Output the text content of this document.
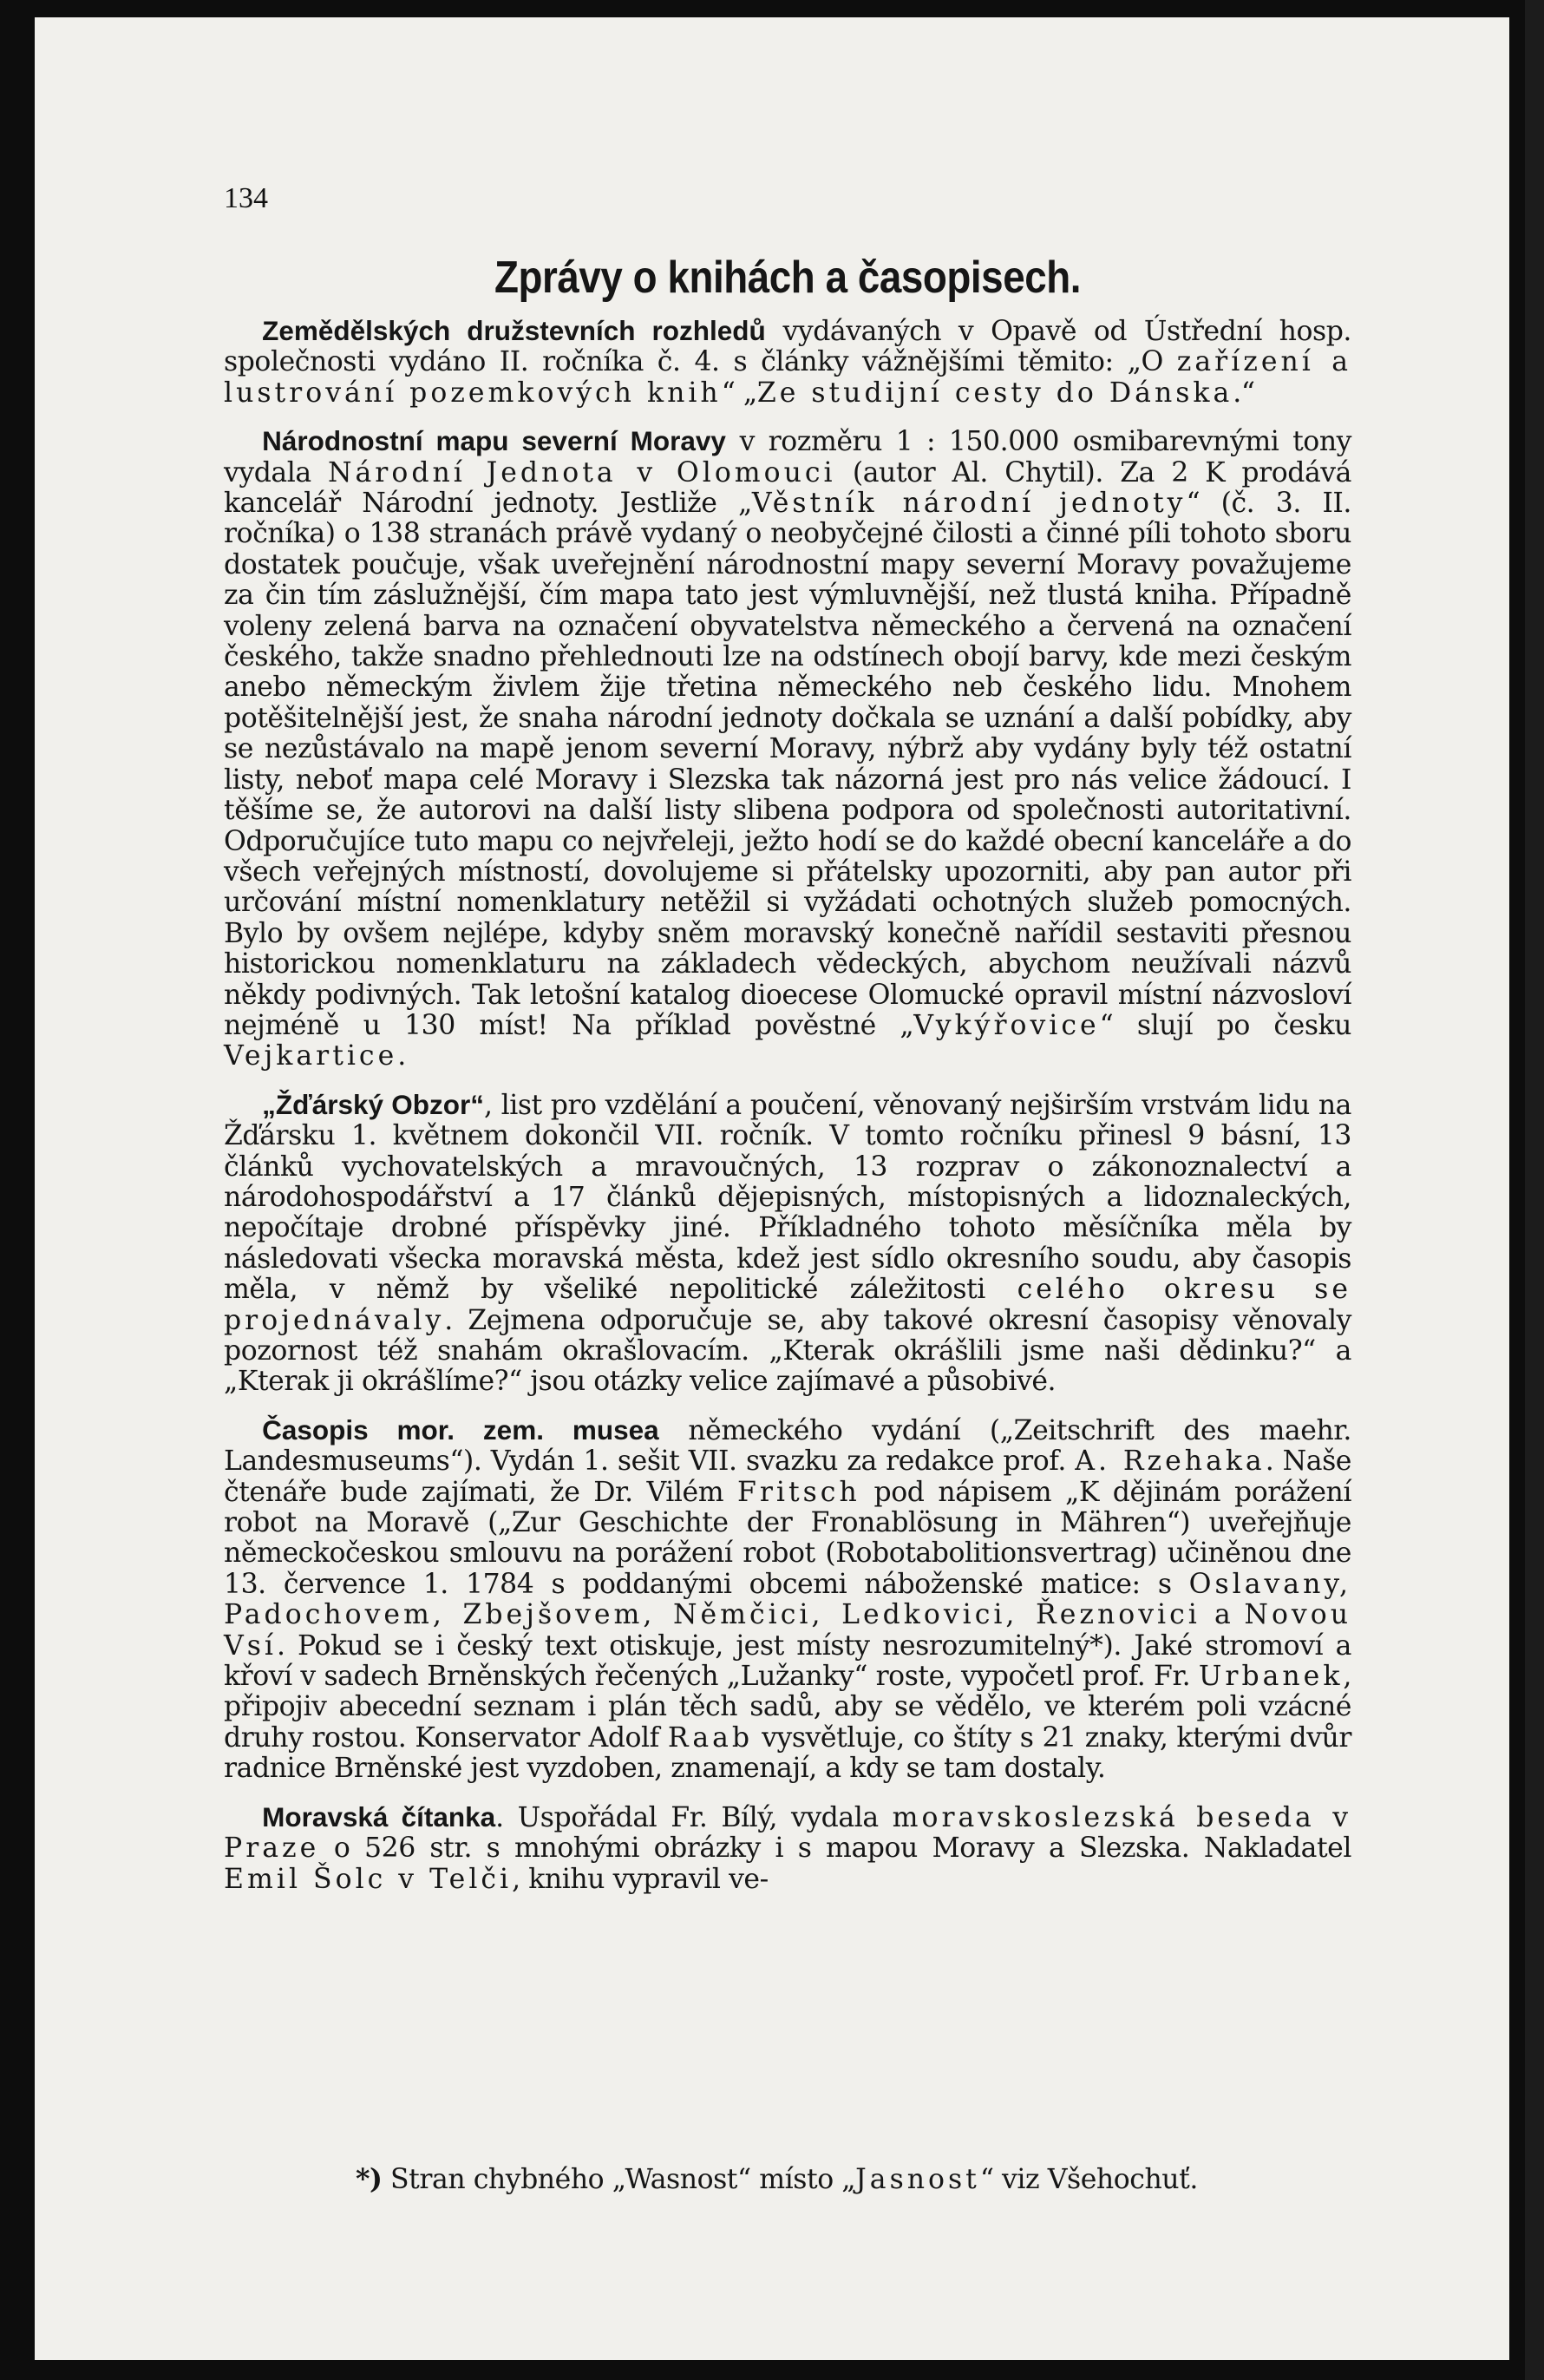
134
Zprávy o knihách a časopisech.

Zemědělských družstevních rozhledů vydávaných v Opavě od Ústřední hosp. společnosti vydáno II. ročníka č. 4. s články vážnějšími těmito: „O zařízení a lustrování pozemkových knih“ „Ze studijní cesty do Dánska.“

Národnostní mapu severní Moravy v rozměru 1 : 150.000 osmibarevnými tony vydala Národní Jednota v Olomouci (autor Al. Chytil). Za 2 K prodává kancelář Národní jednoty. Jestliže „Věstník národní jednoty“ (č. 3. II. ročníka) o 138 stranách právě vydaný o neobyčejné čilosti a činné píli tohoto sboru dostatek poučuje, však uveřejnění národnostní mapy severní Moravy považujeme za čin tím záslužnější, čím mapa tato jest výmluvnější, než tlustá kniha. Případně voleny zelená barva na označení obyvatelstva německého a červená na označení českého, takže snadno přehlednouti lze na odstínech obojí barvy, kde mezi českým anebo německým živlem žije třetina německého neb českého lidu. Mnohem potěšitelnější jest, že snaha národní jednoty dočkala se uznání a další pobídky, aby se nezůstávalo na mapě jenom severní Moravy, nýbrž aby vydány byly též ostatní listy, neboť mapa celé Moravy i Slezska tak názorná jest pro nás velice žádoucí. I těšíme se, že autorovi na další listy slibena podpora od společnosti autoritativní. Odporučujíce tuto mapu co nejvřeleji, ježto hodí se do každé obecní kanceláře a do všech veřejných místností, dovolujeme si přátelsky upozorniti, aby pan autor při určování místní nomenklatury netěžil si vyžádati ochotných služeb pomocných. Bylo by ovšem nejlépe, kdyby sněm moravský konečně nařídil sestaviti přesnou historickou nomenklaturu na základech vědeckých, abychom neužívali názvů někdy podivných. Tak letošní katalog dioecese Olomucké opravil místní názvosloví nejméně u 130 míst! Na příklad pověstné „Vykýřovice“ slují po česku Vejkartice.

„Žďárský Obzor“, list pro vzdělání a poučení, věnovaný nejširším vrstvám lidu na Žďársku 1. květnem dokončil VII. ročník. V tomto ročníku přinesl 9 básní, 13 článků vychovatelských a mravoučných, 13 rozprav o zákonoznalectví a národohospodářství a 17 článků dějepisných, místopisných a lidoznaleckých, nepočítaje drobné příspěvky jiné. Příkladného tohoto měsíčníka měla by následovati všecka moravská města, kdež jest sídlo okresního soudu, aby časopis měla, v němž by všeliké nepolitické záležitosti celého okresu se projednávaly. Zejmena odporučuje se, aby takové okresní časopisy věnovaly pozornost též snahám okrašlovacím. „Kterak okrášlili jsme naši dědinku?“ a „Kterak ji okrášlíme?“ jsou otázky velice zajímavé a působivé.

Časopis mor. zem. musea německého vydání („Zeitschrift des maehr. Landesmuseums“). Vydán 1. sešit VII. svazku za redakce prof. A. Rzehaka. Naše čtenáře bude zajímati, že Dr. Vilém Fritsch pod nápisem „K dějinám porážení robot na Moravě („Zur Geschichte der Fronablösung in Mähren“) uveřejňuje německočeskou smlouvu na porážení robot (Robotabolitionsvertrag) učiněnou dne 13. července 1. 1784 s poddanými obcemi náboženské matice: s Oslavany, Padochovem, Zbejšovem, Němčici, Ledkovici, Řeznovici a Novou Vsí. Pokud se i český text otiskuje, jest místy nesrozumitelný*). Jaké stromoví a křoví v sadech Brněnských řečených „Lužanky“ roste, vypočetl prof. Fr. Urbanek, připojiv abecední seznam i plán těch sadů, aby se vědělo, ve kterém poli vzácné druhy rostou. Konservator Adolf Raab vysvětluje, co štíty s 21 znaky, kterými dvůr radnice Brněnské jest vyzdoben, znamenají, a kdy se tam dostaly.

Moravská čítanka. Uspořádal Fr. Bílý, vydala moravskoslezská beseda v Praze o 526 str. s mnohými obrázky i s mapou Moravy a Slezska. Nakladatel Emil Šolc v Telči, knihu vypravil ve-

*) Stran chybného „Wasnost“ místo „Jasnost“ viz Všehochuť.
